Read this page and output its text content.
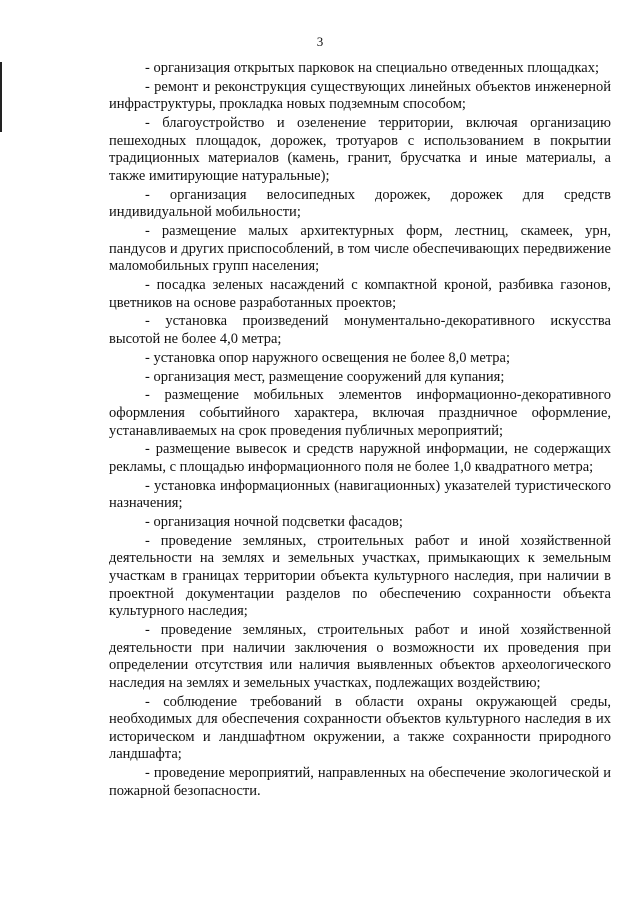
3

- организация открытых парковок на специально отведенных площадках;

- ремонт и реконструкция существующих линейных объектов инженерной инфраструктуры, прокладка новых подземным способом;

- благоустройство и озеленение территории, включая организацию пешеходных площадок, дорожек, тротуаров с использованием в покрытии традиционных материалов (камень, гранит, брусчатка и иные материалы, а также имитирующие натуральные);

- организация велосипедных дорожек, дорожек для средств индивидуальной мобильности;

- размещение малых архитектурных форм, лестниц, скамеек, урн, пандусов и других приспособлений, в том числе обеспечивающих передвижение маломобильных групп населения;

- посадка зеленых насаждений с компактной кроной, разбивка газонов, цветников на основе разработанных проектов;

- установка произведений монументально-декоративного искусства высотой не более 4,0 метра;

- установка опор наружного освещения не более 8,0 метра;

- организация мест, размещение сооружений для купания;

- размещение мобильных элементов информационно-декоративного оформления событийного характера, включая праздничное оформление, устанавливаемых на срок проведения публичных мероприятий;

- размещение вывесок и средств наружной информации, не содержащих рекламы, с площадью информационного поля не более 1,0 квадратного метра;

- установка информационных (навигационных) указателей туристического назначения;

- организация ночной подсветки фасадов;

- проведение земляных, строительных работ и иной хозяйственной деятельности на землях и земельных участках, примыкающих к земельным участкам в границах территории объекта культурного наследия, при наличии в проектной документации разделов по обеспечению сохранности объекта культурного наследия;

- проведение земляных, строительных работ и иной хозяйственной деятельности при наличии заключения о возможности их проведения при определении отсутствия или наличия выявленных объектов археологического наследия на землях и земельных участках, подлежащих воздействию;

- соблюдение требований в области охраны окружающей среды, необходимых для обеспечения сохранности объектов культурного наследия в их историческом и ландшафтном окружении, а также сохранности природного ландшафта;

- проведение мероприятий, направленных на обеспечение экологической и пожарной безопасности.
